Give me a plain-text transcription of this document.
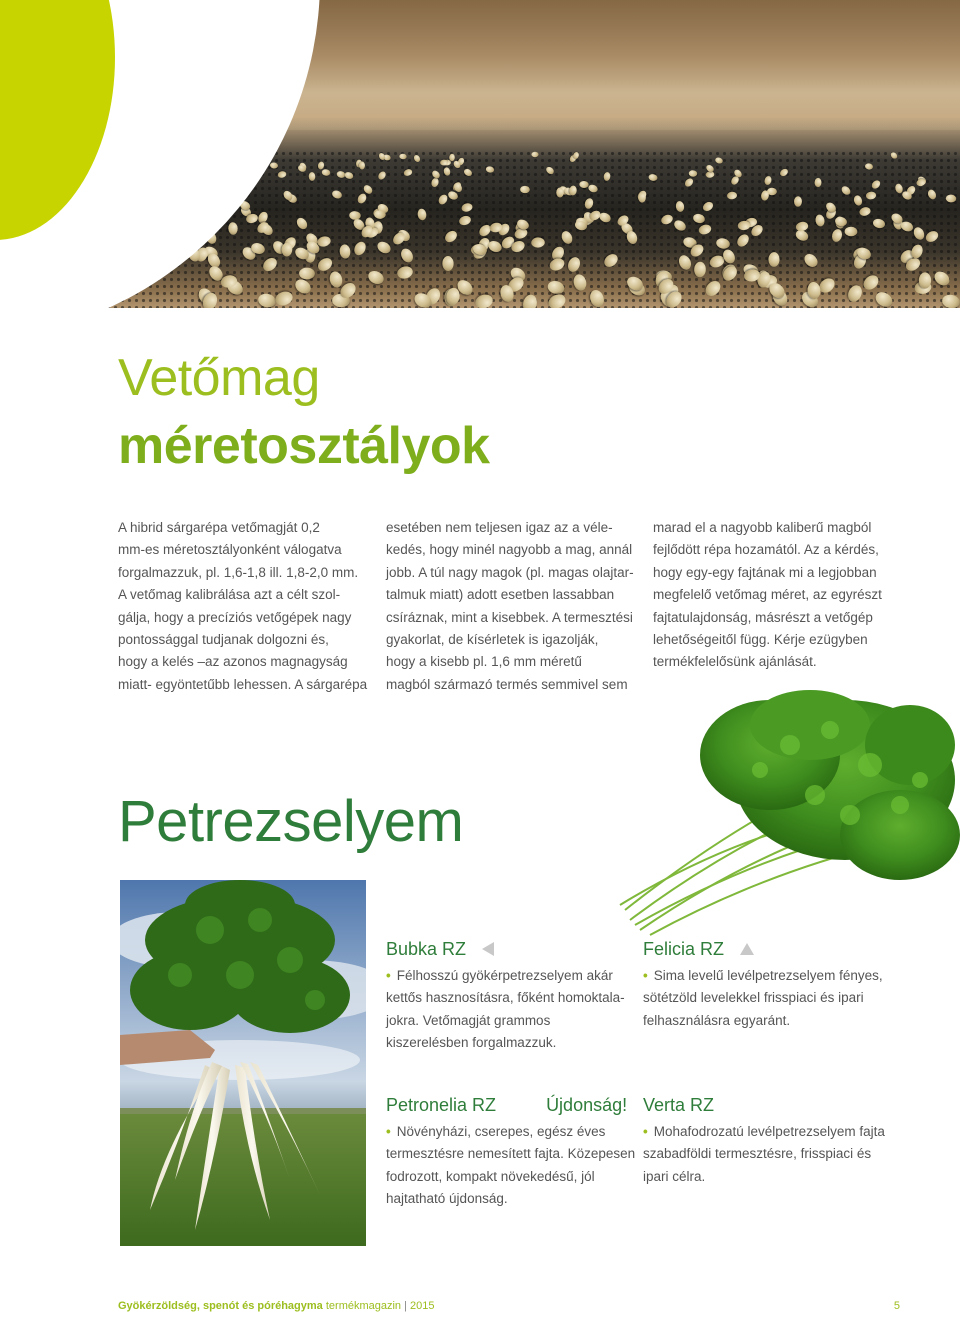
Vetőmag
méretosztályok
A hibrid sárgarépa vetőmagját 0,2
mm-es méretosztályonként válogatva
forgalmazzuk, pl. 1,6-1,8 ill. 1,8-2,0 mm.
A vetőmag kalibrálása azt a célt szol-
gálja, hogy a precíziós vetőgépek nagy
pontossággal tudjanak dolgozni és,
hogy a kelés –az azonos magnagyság
miatt- egyöntetűbb lehessen. A sárgarépa
esetében nem teljesen igaz az a véle-
kedés, hogy minél nagyobb a mag, annál
jobb. A túl nagy magok (pl. magas olajtar-
talmuk miatt) adott esetben lassabban
csíráznak, mint a kisebbek. A termesztési
gyakorlat, de kísérletek is igazolják,
hogy a kisebb pl. 1,6 mm méretű
magból származó termés semmivel sem
marad el a nagyobb kaliberű magból
fejlődött répa hozamától. Az a kérdés,
hogy egy-egy fajtának mi a legjobban
megfelelő vetőmag méret, az egyrészt
fajtatulajdonság, másrészt a vetőgép
lehetőségeitől függ. Kérje ezügyben
termékfelelősünk ajánlását.
Petrezselyem
Bubka RZ
• Félhosszú gyökérpetrezselyem akár kettős hasznosításra, főként homoktala-jokra. Vetőmagját grammos kiszerelésben forgalmazzuk.
Felicia RZ
• Sima levelű levélpetrezselyem fényes, sötétzöld levelekkel frisspiaci és ipari felhasználásra egyaránt.
Petronelia RZ	Újdonság!
• Növényházi, cserepes, egész éves termesztésre nemesített fajta. Közepesen fodrozott, kompakt növekedésű, jól hajtatható újdonság.
Verta RZ
• Mohafodrozatú levélpetrezselyem fajta szabadföldi termesztésre, frisspiaci és ipari célra.
Gyökérzöldség, spenót és póréhagyma termékmagazin | 2015	5
